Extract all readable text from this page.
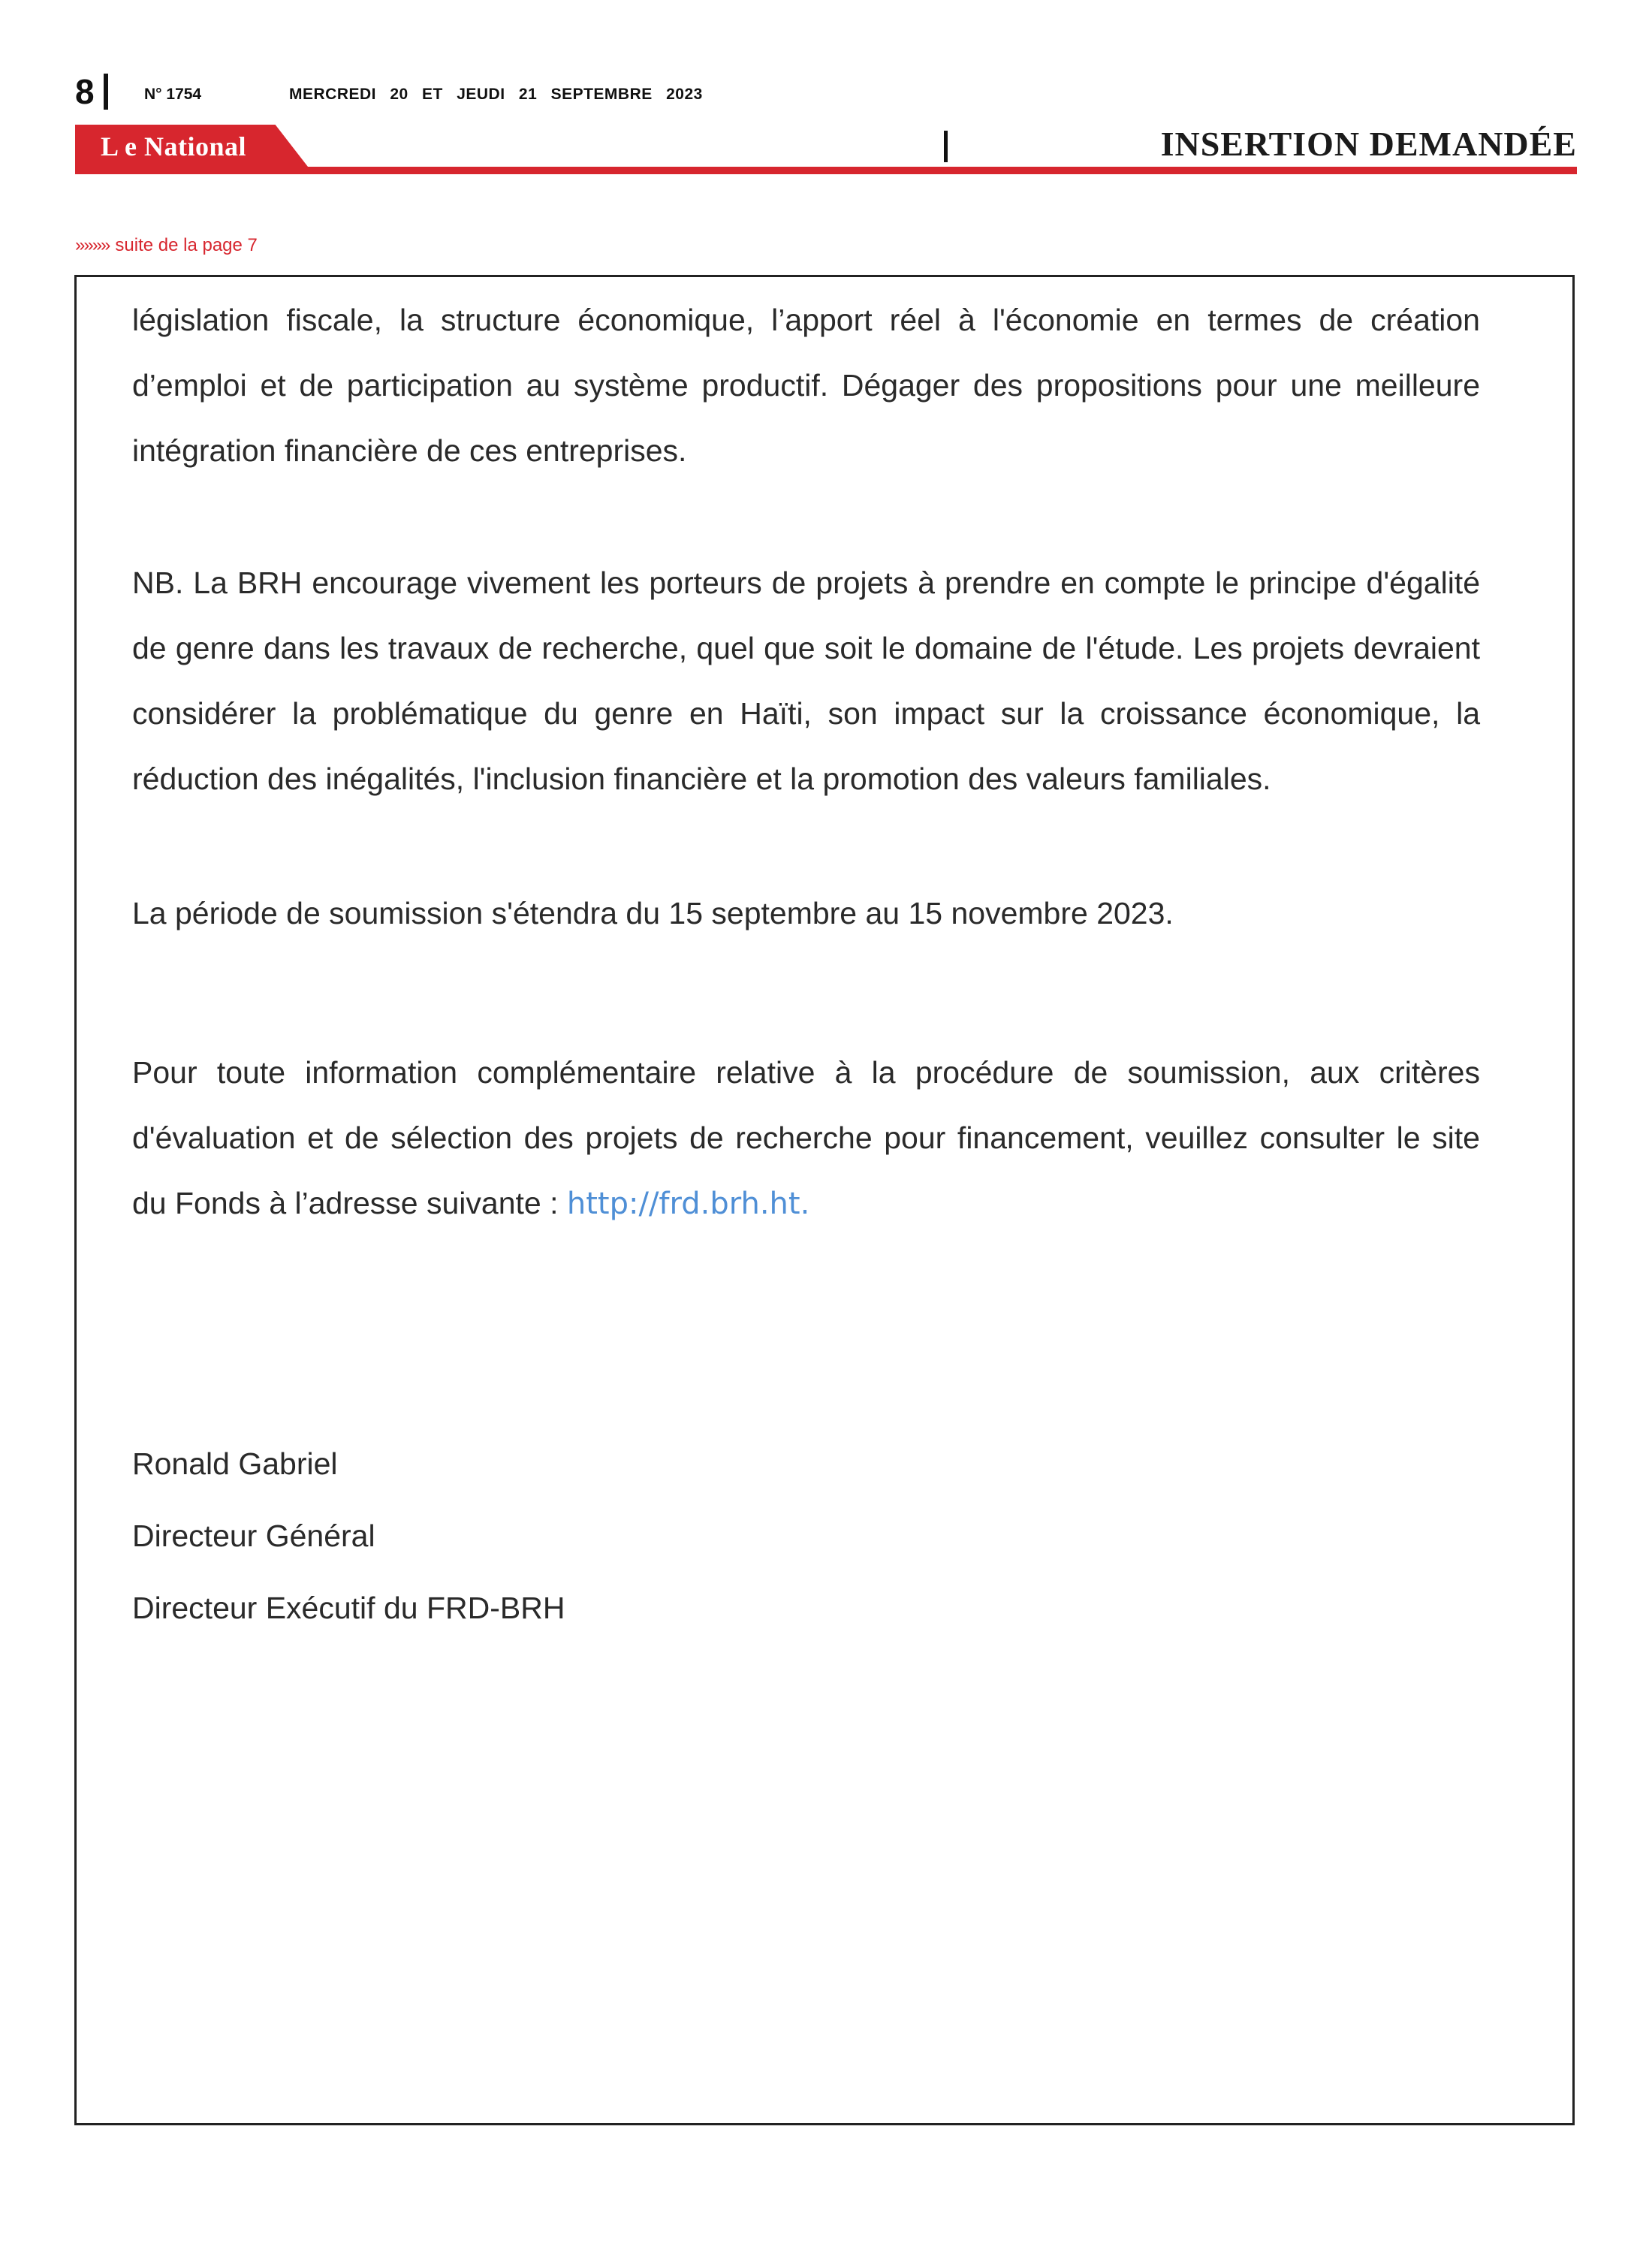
8	N° 1754	MERCREDI 20 ET JEUDI 21 SEPTEMBRE 2023
L e National	INSERTION DEMANDÉE
»»»» suite de la page 7

législation fiscale, la structure économique, l’apport réel à l'économie en termes de création d’emploi et de participation au système productif. Dégager des propositions pour une meilleure intégration financière de ces entreprises.

NB. La BRH encourage vivement les porteurs de projets à prendre en compte le principe d'égalité de genre dans les travaux de recherche, quel que soit le domaine de l'étude. Les projets devraient considérer la problématique du genre en Haïti, son impact sur la croissance économique, la réduction des inégalités, l'inclusion financière et la promotion des valeurs familiales.

La période de soumission s'étendra du 15 septembre au 15 novembre 2023.

Pour toute information complémentaire relative à la procédure de soumission, aux critères d'évaluation et de sélection des projets de recherche pour financement, veuillez consulter le site du Fonds à l’adresse suivante : http://frd.brh.ht.

Ronald Gabriel

Directeur Général

Directeur Exécutif du FRD-BRH
